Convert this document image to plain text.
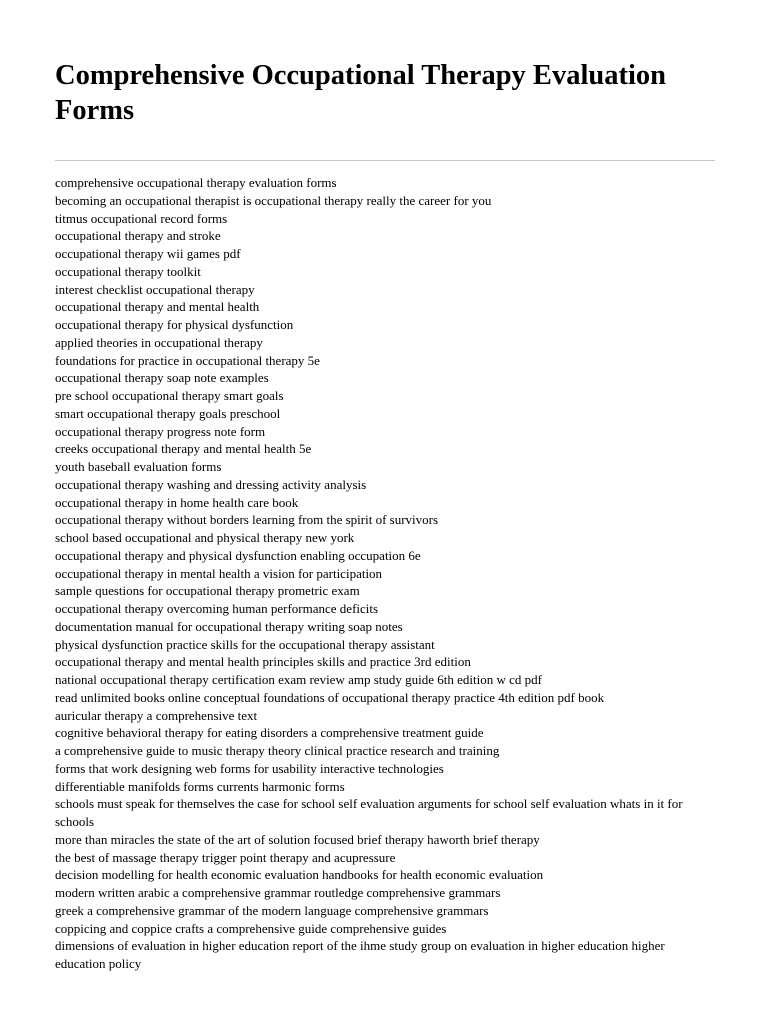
Comprehensive Occupational Therapy Evaluation Forms
comprehensive occupational therapy evaluation forms
becoming an occupational therapist is occupational therapy really the career for you
titmus occupational record forms
occupational therapy and stroke
occupational therapy wii games pdf
occupational therapy toolkit
interest checklist occupational therapy
occupational therapy and mental health
occupational therapy for physical dysfunction
applied theories in occupational therapy
foundations for practice in occupational therapy 5e
occupational therapy soap note examples
pre school occupational therapy smart goals
smart occupational therapy goals preschool
occupational therapy progress note form
creeks occupational therapy and mental health 5e
youth baseball evaluation forms
occupational therapy washing and dressing activity analysis
occupational therapy in home health care book
occupational therapy without borders learning from the spirit of survivors
school based occupational and physical therapy new york
occupational therapy and physical dysfunction enabling occupation 6e
occupational therapy in mental health a vision for participation
sample questions for occupational therapy prometric exam
occupational therapy overcoming human performance deficits
documentation manual for occupational therapy writing soap notes
physical dysfunction practice skills for the occupational therapy assistant
occupational therapy and mental health principles skills and practice 3rd edition
national occupational therapy certification exam review amp study guide 6th edition w cd pdf
read unlimited books online conceptual foundations of occupational therapy practice 4th edition pdf book
auricular therapy a comprehensive text
cognitive behavioral therapy for eating disorders a comprehensive treatment guide
a comprehensive guide to music therapy theory clinical practice research and training
forms that work designing web forms for usability interactive technologies
differentiable manifolds forms currents harmonic forms
schools must speak for themselves the case for school self evaluation arguments for school self evaluation whats in it for schools
more than miracles the state of the art of solution focused brief therapy haworth brief therapy
the best of massage therapy trigger point therapy and acupressure
decision modelling for health economic evaluation handbooks for health economic evaluation
modern written arabic a comprehensive grammar routledge comprehensive grammars
greek a comprehensive grammar of the modern language comprehensive grammars
coppicing and coppice crafts a comprehensive guide comprehensive guides
dimensions of evaluation in higher education report of the ihme study group on evaluation in higher education higher education policy
